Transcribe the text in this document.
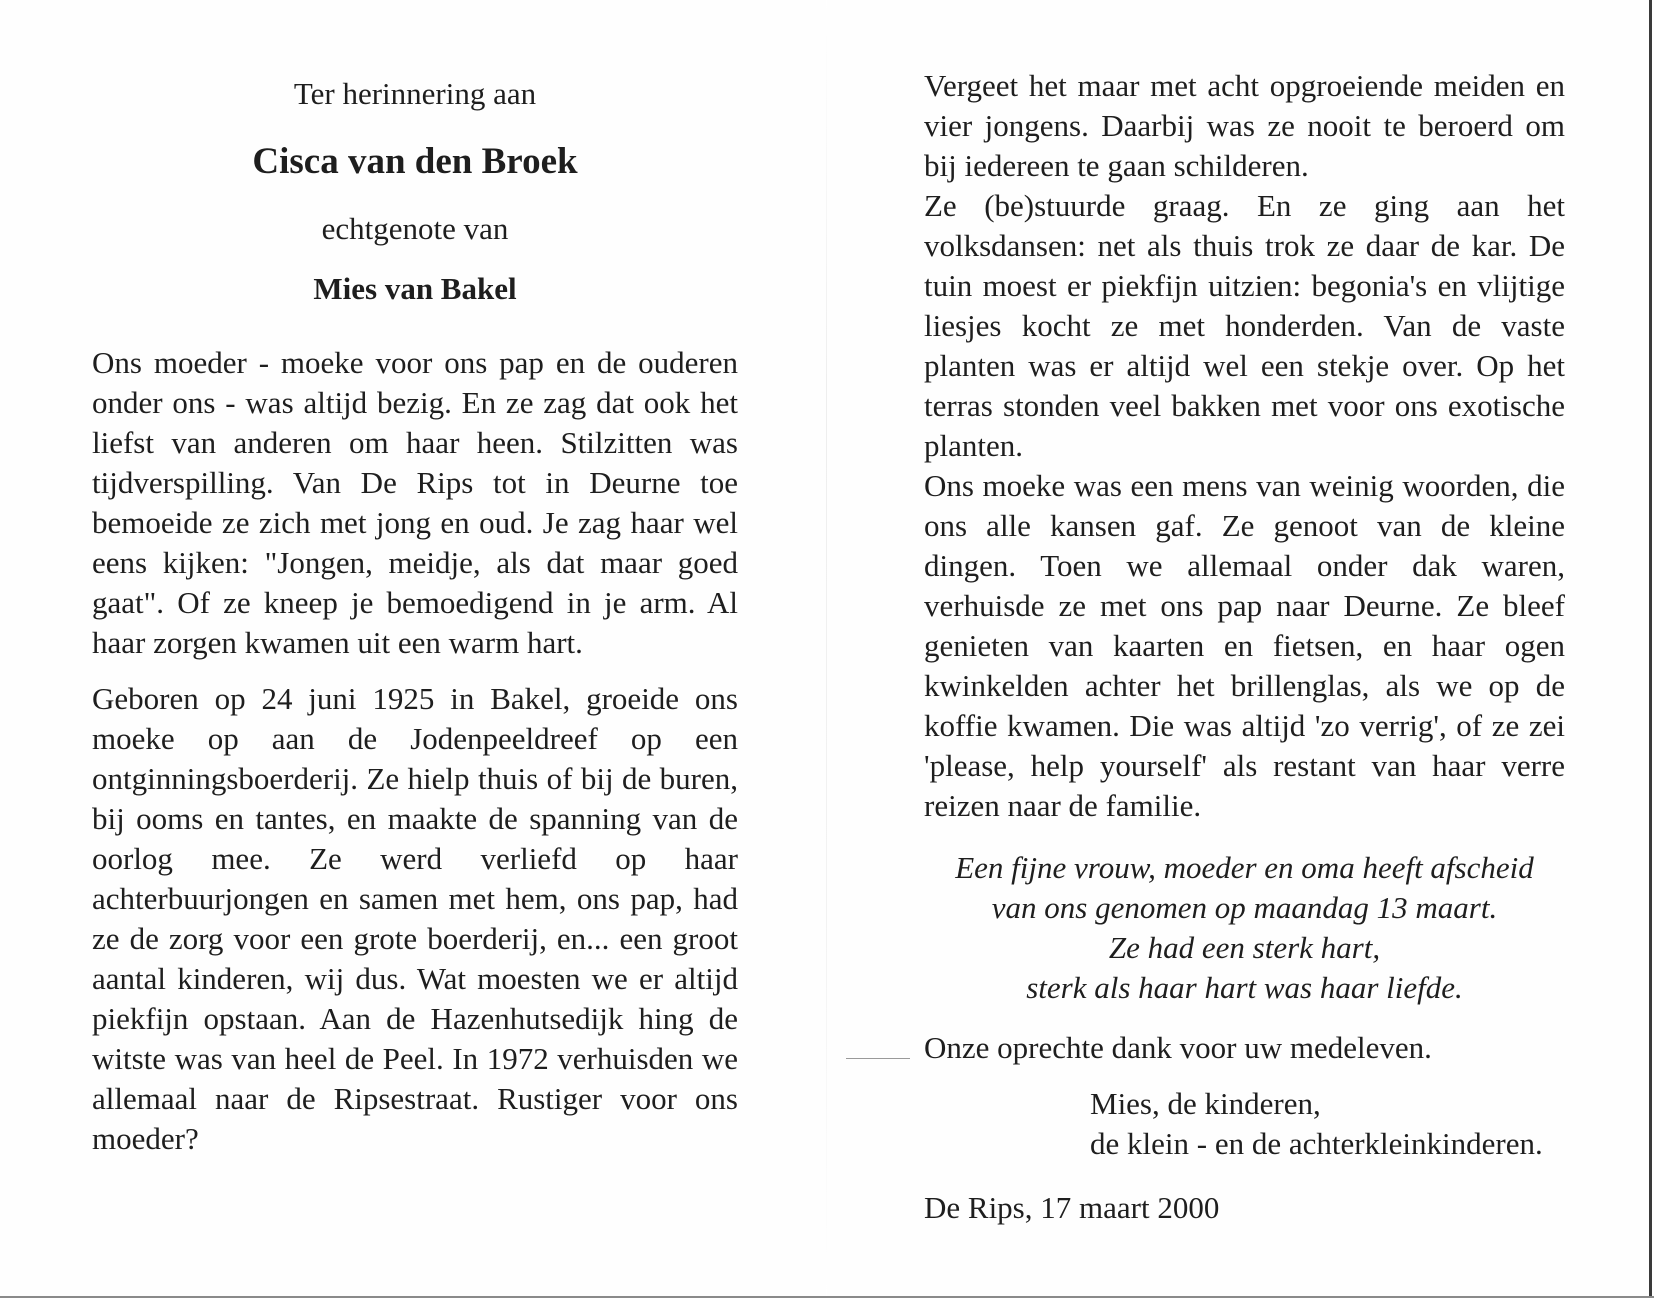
Ter herinnering aan
Cisca van den Broek
echtgenote van
Mies van Bakel
Ons moeder - moeke voor ons pap en de ouderen onder ons - was altijd bezig. En ze zag dat ook het liefst van anderen om haar heen. Stilzitten was tijdverspilling. Van De Rips tot in Deurne toe bemoeide ze zich met jong en oud. Je zag haar wel eens kijken: "Jongen, meidje, als dat maar goed gaat". Of ze kneep je bemoedigend in je arm. Al haar zorgen kwamen uit een warm hart.
Geboren op 24 juni 1925 in Bakel, groeide ons moeke op aan de Jodenpeeldreef op een ontginningsboerderij. Ze hielp thuis of bij de buren, bij ooms en tantes, en maakte de spanning van de oorlog mee. Ze werd verliefd op haar achterbuurjongen en samen met hem, ons pap, had ze de zorg voor een grote boerderij, en... een groot aantal kinderen, wij dus. Wat moesten we er altijd piekfijn opstaan. Aan de Hazenhutsedijk hing de witste was van heel de Peel. In 1972 verhuisden we allemaal naar de Ripsestraat. Rustiger voor ons moeder?
Vergeet het maar met acht opgroeiende meiden en vier jongens. Daarbij was ze nooit te beroerd om bij iedereen te gaan schilderen.
Ze (be)stuurde graag. En ze ging aan het volksdansen: net als thuis trok ze daar de kar. De tuin moest er piekfijn uitzien: begonia's en vlijtige liesjes kocht ze met honderden. Van de vaste planten was er altijd wel een stekje over. Op het terras stonden veel bakken met voor ons exotische planten.
Ons moeke was een mens van weinig woorden, die ons alle kansen gaf. Ze genoot van de kleine dingen. Toen we allemaal onder dak waren, verhuisde ze met ons pap naar Deurne. Ze bleef genieten van kaarten en fietsen, en haar ogen kwinkelden achter het brillenglas, als we op de koffie kwamen. Die was altijd 'zo verrig', of ze zei 'please, help yourself' als restant van haar verre reizen naar de familie.
Een fijne vrouw, moeder en oma heeft afscheid
van ons genomen op maandag 13 maart.
Ze had een sterk hart,
sterk als haar hart was haar liefde.
Onze oprechte dank voor uw medeleven.
Mies, de kinderen,
de klein - en de achterkleinkinderen.
De Rips, 17 maart 2000
